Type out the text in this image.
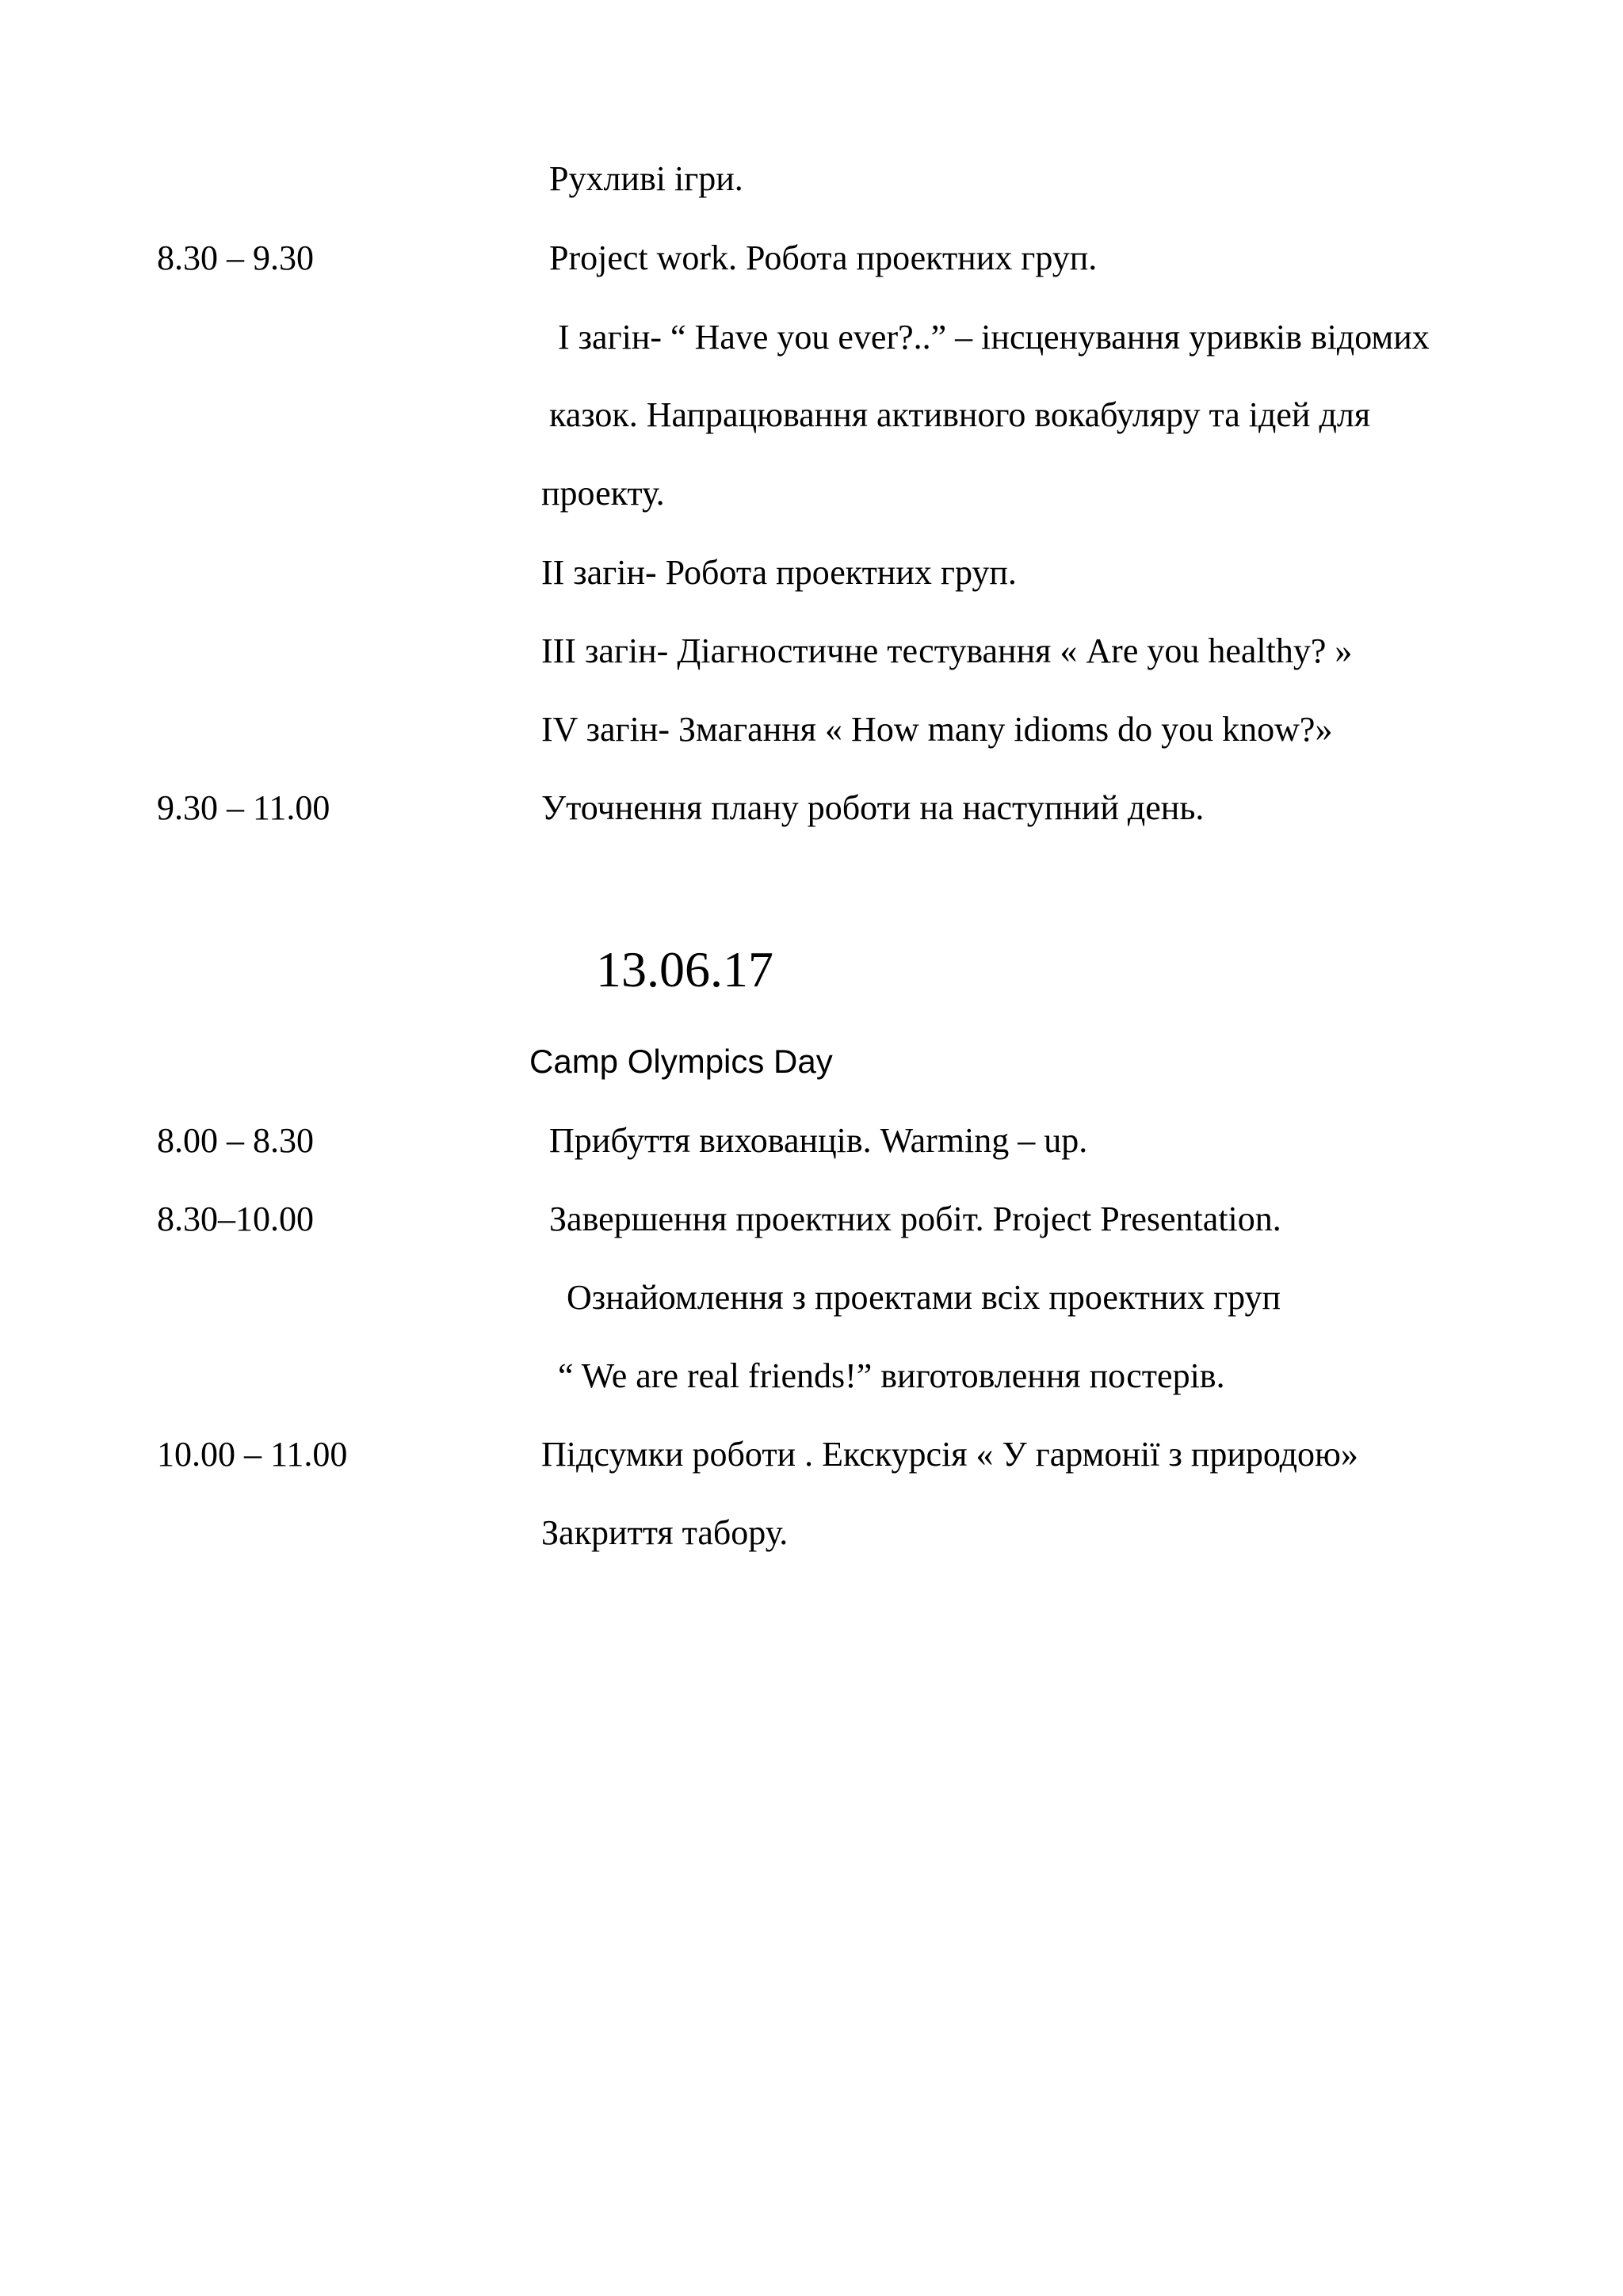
Рухливі ігри.
8.30 – 9.30	Project work. Робота проектних груп.
I загін- “ Have you ever?..” – інсценування уривків відомих
казок. Напрацювання активного вокабуляру та ідей для
проекту.
II загін- Робота проектних груп.
III загін- Діагностичне тестування « Are you healthy? »
IV загін- Змагання « How many idioms do you know?»
9.30 – 11.00	Уточнення плану роботи на наступний день.
13.06.17
Camp Olympics Day
8.00 – 8.30	Прибуття вихованців. Warming – up.
8.30–10.00	Завершення проектних робіт. Project Presentation.
Ознайомлення з проектами всіх проектних груп
“ We are real friends!” виготовлення постерів.
10.00 – 11.00	Підсумки роботи . Екскурсія « У гармонії з природою»
Закриття табору.
